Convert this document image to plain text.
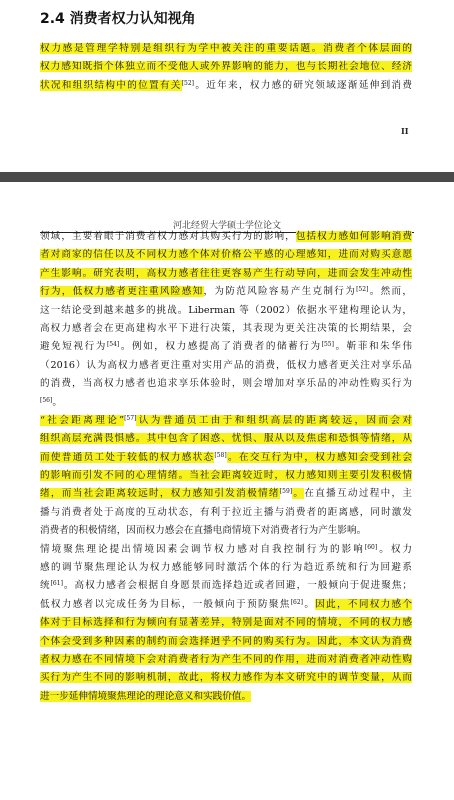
2.4 消费者权力认知视角
权力感是管理学特别是组织行为学中被关注的重要话题。消费者个体层面的
权力感知既指个体独立而不受他人或外界影响的能力，也与长期社会地位、经济
状况和组织结构中的位置有关[52]。近年来，权力感的研究领域逐渐延伸到消费
II
河北经贸大学硕士学位论文
领域，主要着眼于消费者权力感对其购买行为的影响，包括权力感如何影响消费
者对商家的信任以及不同权力感个体对价格公平感的心理感知，进而对购买意愿
产生影响。研究表明，高权力感者往往更容易产生行动导向，进而会发生冲动性
行为，低权力感者更注重风险感知，为防范风险容易产生克制行为[52]。然而，
这一结论受到越来越多的挑战。Liberman 等（2002）依据水平建构理论认为，
高权力感者会在更高建构水平下进行决策，其表现为更关注决策的长期结果，会
避免短视行为[54]。例如，权力感提高了消费者的储蓄行为[55]。靳菲和朱华伟
（2016）认为高权力感者更注重对实用产品的消费，低权力感者更关注对享乐品
的消费，当高权力感者也追求享乐体验时，则会增加对享乐品的冲动性购买行为
[56]。
“社会距离理论”[57]认为普通员工由于和组织高层的距离较远，因而会对
组织高层充满畏惧感。其中包含了困惑、忧惧、服从以及焦虑和恐惧等情绪，从
而使普通员工处于较低的权力感状态[58]。在交互行为中，权力感知会受到社会
的影响而引发不同的心理情绪。当社会距离较近时，权力感知则主要引发积极情
绪，而当社会距离较远时，权力感知引发消极情绪[59]。在直播互动过程中，主
播与消费者处于高度的互动状态，有利于拉近主播与消费者的距离感，同时激发
消费者的积极情绪，因而权力感会在直播电商情境下对消费者行为产生影响。
情境聚焦理论提出情境因素会调节权力感对自我控制行为的影响[60]。权力
感的调节聚焦理论认为权力感能够同时激活个体的行为趋近系统和行为回避系
统[61]。高权力感者会根据自身愿景而选择趋近或者回避，一般倾向于促进聚焦；
低权力感者以完成任务为目标，一般倾向于预防聚焦[62]。因此，不同权力感个
体对于目标选择和行为倾向有显著差异，特别是面对不同的情境，不同的权力感
个体会受到多种因素的制约而会选择迥乎不同的购买行为。因此，本文认为消费
者权力感在不同情境下会对消费者行为产生不同的作用，进而对消费者冲动性购
买行为产生不同的影响机制，故此，将权力感作为本文研究中的调节变量，从而
进一步延伸情境聚焦理论的理论意义和实践价值。
